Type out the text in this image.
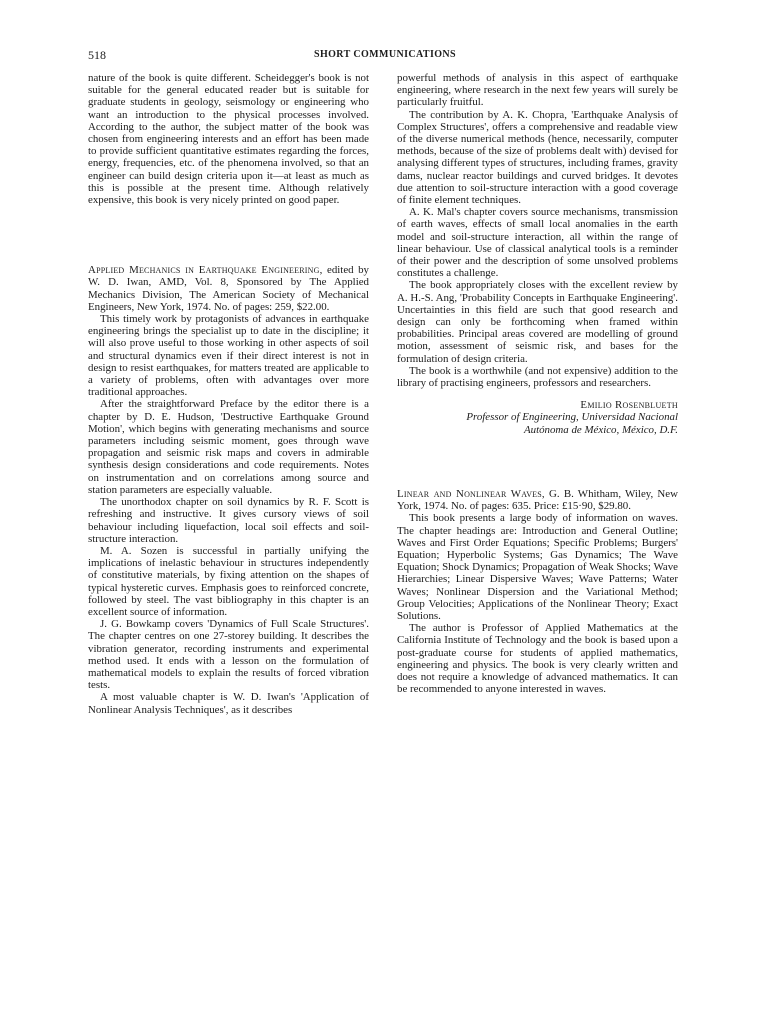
518	SHORT COMMUNICATIONS

nature of the book is quite different. Scheidegger's book is not suitable for the general educated reader but is suitable for graduate students in geology, seismology or engineering who want an introduction to the physical processes involved. According to the author, the subject matter of the book was chosen from engineering interests and an effort has been made to provide sufficient quantitative estimates regarding the forces, energy, frequencies, etc. of the phenomena involved, so that an engineer can build design criteria upon it—at least as much as this is possible at the present time. Although relatively expensive, this book is very nicely printed on good paper.

Applied Mechanics in Earthquake Engineering, edited by W. D. Iwan, AMD, Vol. 8, Sponsored by The Applied Mechanics Division, The American Society of Mechanical Engineers, New York, 1974. No. of pages: 259, $22.00.

This timely work by protagonists of advances in earthquake engineering brings the specialist up to date in the discipline; it will also prove useful to those working in other aspects of soil and structural dynamics even if their direct interest is not in design to resist earthquakes, for matters treated are applicable to a variety of problems, often with advantages over more traditional approaches.

After the straightforward Preface by the editor there is a chapter by D. E. Hudson, 'Destructive Earthquake Ground Motion', which begins with generating mechanisms and source parameters including seismic moment, goes through wave propagation and seismic risk maps and covers in admirable synthesis design considerations and code requirements. Notes on instrumentation and on correlations among source and station parameters are especially valuable.

The unorthodox chapter on soil dynamics by R. F. Scott is refreshing and instructive. It gives cursory views of soil behaviour including liquefaction, local soil effects and soil-structure interaction.

M. A. Sozen is successful in partially unifying the implications of inelastic behaviour in structures independently of constitutive materials, by fixing attention on the shapes of typical hysteretic curves. Emphasis goes to reinforced concrete, followed by steel. The vast bibliography in this chapter is an excellent source of information.

J. G. Bowkamp covers 'Dynamics of Full Scale Structures'. The chapter centres on one 27-storey building. It describes the vibration generator, recording instruments and experimental method used. It ends with a lesson on the formulation of mathematical models to explain the results of forced vibration tests.

A most valuable chapter is W. D. Iwan's 'Application of Nonlinear Analysis Techniques', as it describes

powerful methods of analysis in this aspect of earthquake engineering, where research in the next few years will surely be particularly fruitful.

The contribution by A. K. Chopra, 'Earthquake Analysis of Complex Structures', offers a comprehensive and readable view of the diverse numerical methods (hence, necessarily, computer methods, because of the size of problems dealt with) devised for analysing different types of structures, including frames, gravity dams, nuclear reactor buildings and curved bridges. It devotes due attention to soil-structure interaction with a good coverage of finite element techniques.

A. K. Mal's chapter covers source mechanisms, transmission of earth waves, effects of small local anomalies in the earth model and soil-structure interaction, all within the range of linear behaviour. Use of classical analytical tools is a reminder of their power and the description of some unsolved problems constitutes a challenge.

The book appropriately closes with the excellent review by A. H.-S. Ang, 'Probability Concepts in Earthquake Engineering'. Uncertainties in this field are such that good research and design can only be forthcoming when framed within probabilities. Principal areas covered are modelling of ground motion, assessment of seismic risk, and bases for the formulation of design criteria.

The book is a worthwhile (and not expensive) addition to the library of practising engineers, professors and researchers.

Emilio Rosenblueth
Professor of Engineering, Universidad Nacional
Autónoma de México, México, D.F.

Linear and Nonlinear Waves, G. B. Whitham, Wiley, New York, 1974. No. of pages: 635. Price: £15·90, $29.80.

This book presents a large body of information on waves. The chapter headings are: Introduction and General Outline; Waves and First Order Equations; Specific Problems; Burgers' Equation; Hyperbolic Systems; Gas Dynamics; The Wave Equation; Shock Dynamics; Propagation of Weak Shocks; Wave Hierarchies; Linear Dispersive Waves; Wave Patterns; Water Waves; Nonlinear Dispersion and the Variational Method; Group Velocities; Applications of the Nonlinear Theory; Exact Solutions.

The author is Professor of Applied Mathematics at the California Institute of Technology and the book is based upon a post-graduate course for students of applied mathematics, engineering and physics. The book is very clearly written and does not require a knowledge of advanced mathematics. It can be recommended to anyone interested in waves.
